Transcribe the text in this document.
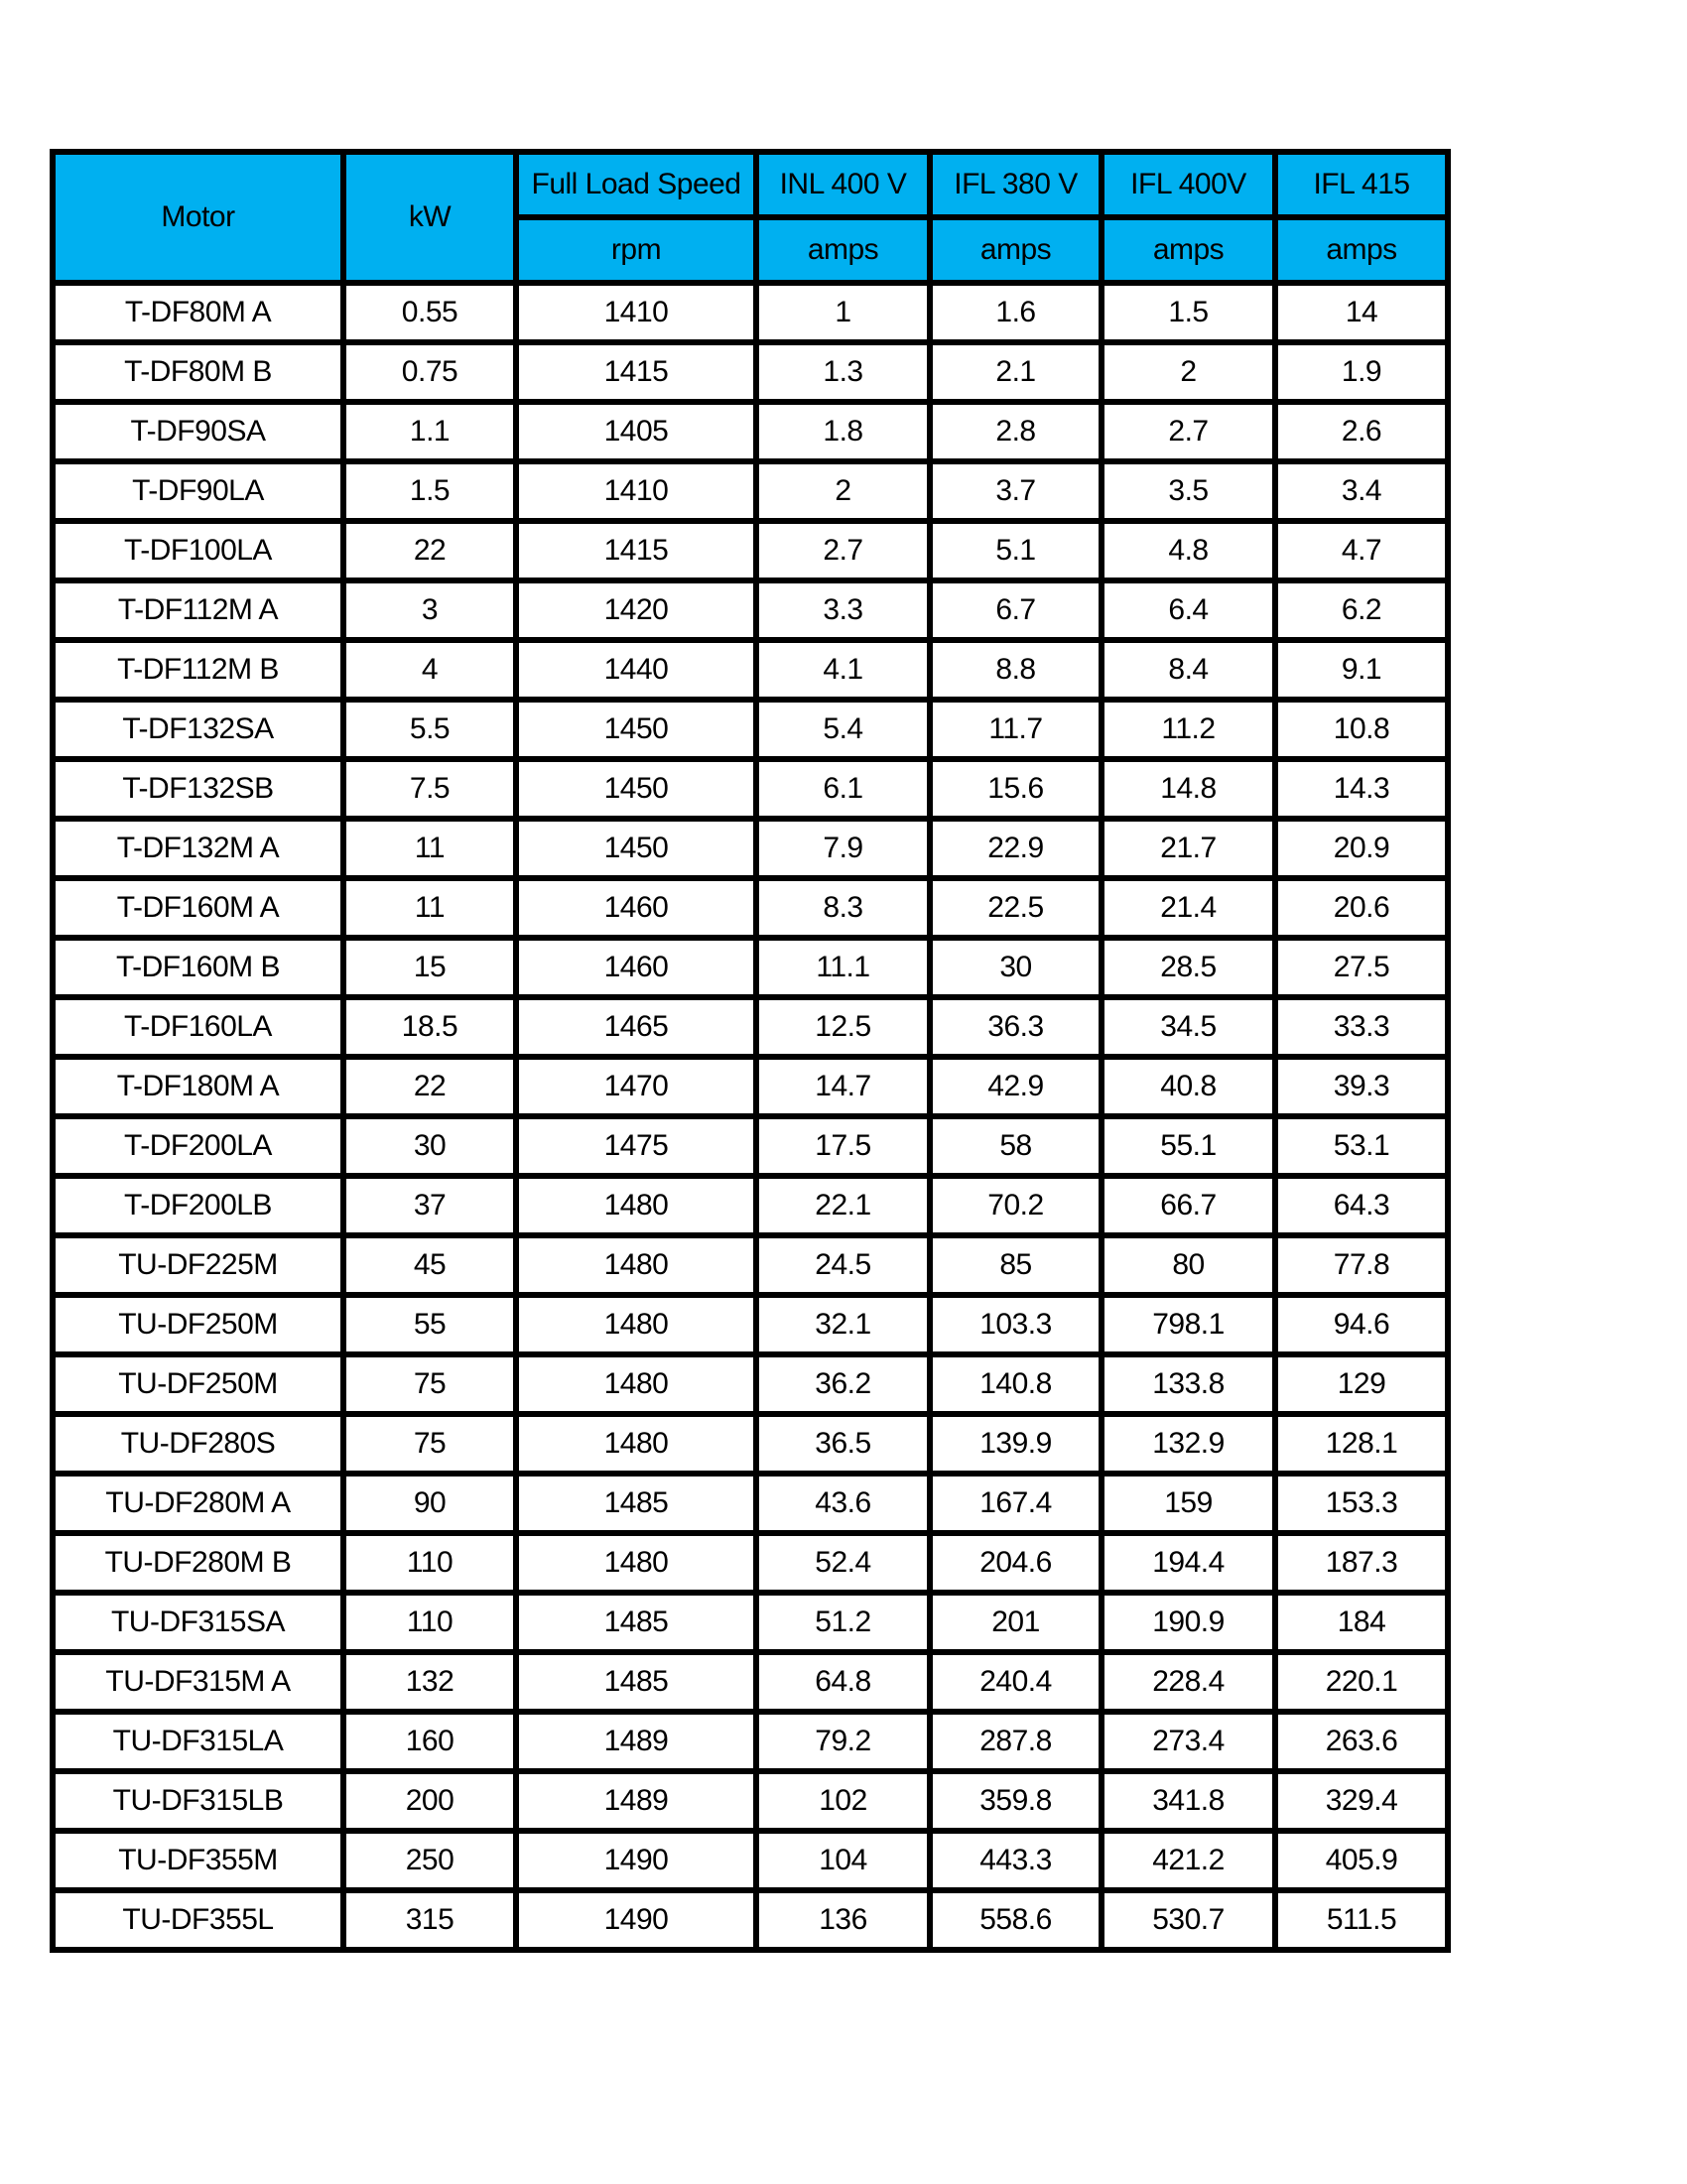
Motor	kW	Full Load Speed	INL 400 V	IFL 380 V	IFL 400V	IFL 415
		rpm	amps	amps	amps	amps
T-DF80M A	0.55	1410	1	1.6	1.5	14
T-DF80M B	0.75	1415	1.3	2.1	2	1.9
T-DF90SA	1.1	1405	1.8	2.8	2.7	2.6
T-DF90LA	1.5	1410	2	3.7	3.5	3.4
T-DF100LA	22	1415	2.7	5.1	4.8	4.7
T-DF112M A	3	1420	3.3	6.7	6.4	6.2
T-DF112M B	4	1440	4.1	8.8	8.4	9.1
T-DF132SA	5.5	1450	5.4	11.7	11.2	10.8
T-DF132SB	7.5	1450	6.1	15.6	14.8	14.3
T-DF132M A	11	1450	7.9	22.9	21.7	20.9
T-DF160M A	11	1460	8.3	22.5	21.4	20.6
T-DF160M B	15	1460	11.1	30	28.5	27.5
T-DF160LA	18.5	1465	12.5	36.3	34.5	33.3
T-DF180M A	22	1470	14.7	42.9	40.8	39.3
T-DF200LA	30	1475	17.5	58	55.1	53.1
T-DF200LB	37	1480	22.1	70.2	66.7	64.3
TU-DF225M	45	1480	24.5	85	80	77.8
TU-DF250M	55	1480	32.1	103.3	798.1	94.6
TU-DF250M	75	1480	36.2	140.8	133.8	129
TU-DF280S	75	1480	36.5	139.9	132.9	128.1
TU-DF280M A	90	1485	43.6	167.4	159	153.3
TU-DF280M B	110	1480	52.4	204.6	194.4	187.3
TU-DF315SA	110	1485	51.2	201	190.9	184
TU-DF315M A	132	1485	64.8	240.4	228.4	220.1
TU-DF315LA	160	1489	79.2	287.8	273.4	263.6
TU-DF315LB	200	1489	102	359.8	341.8	329.4
TU-DF355M	250	1490	104	443.3	421.2	405.9
TU-DF355L	315	1490	136	558.6	530.7	511.5
